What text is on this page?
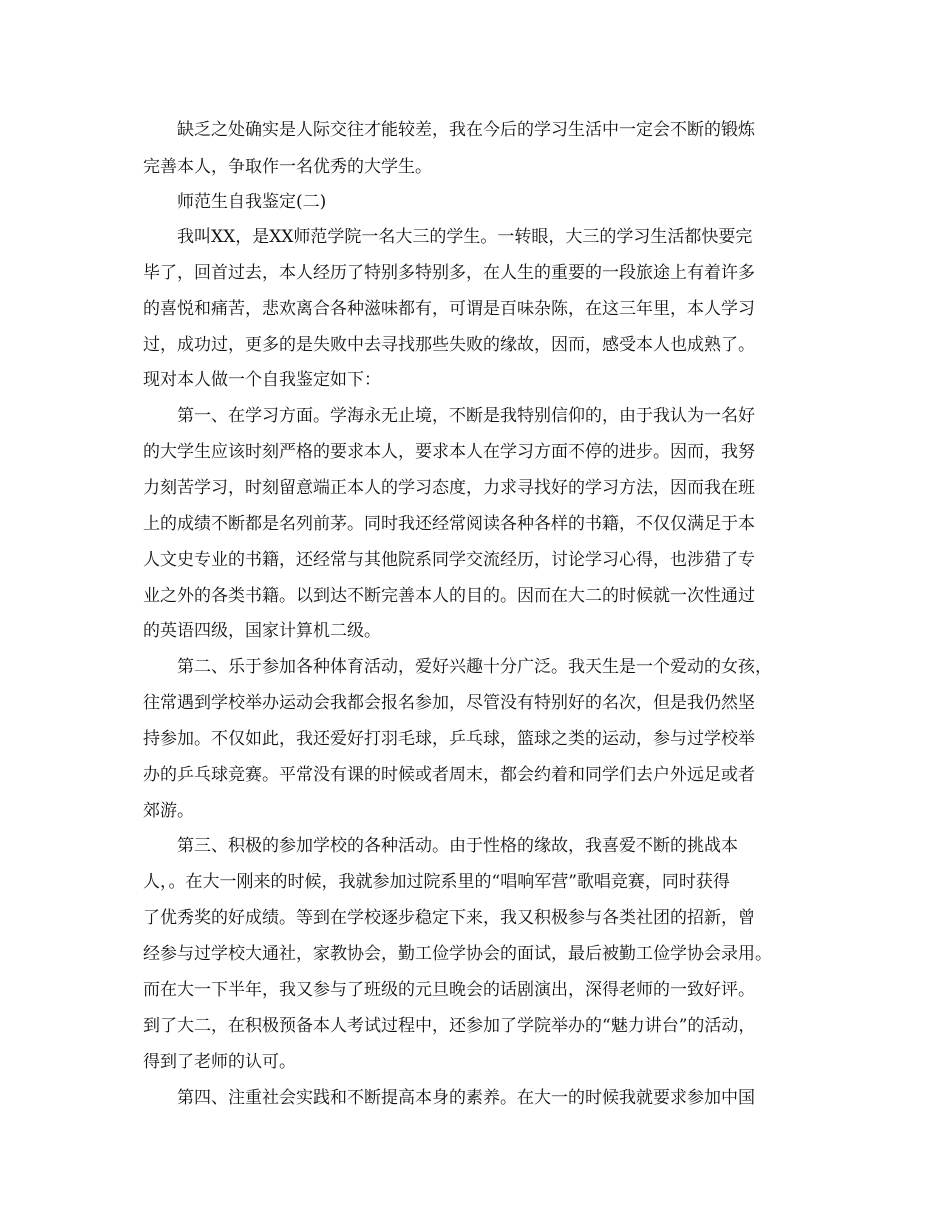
缺乏之处确实是人际交往才能较差，我在今后的学习生活中一定会不断的锻炼

完善本人，争取作一名优秀的大学生。

师范生自我鉴定(二)

我叫XX，是XX师范学院一名大三的学生。一转眼，大三的学习生活都快要完

毕了，回首过去，本人经历了特别多特别多，在人生的重要的一段旅途上有着许多

的喜悦和痛苦，悲欢离合各种滋味都有，可谓是百味杂陈，在这三年里，本人学习

过，成功过，更多的是失败中去寻找那些失败的缘故，因而，感受本人也成熟了。

现对本人做一个自我鉴定如下：

第一、在学习方面。学海永无止境，不断是我特别信仰的，由于我认为一名好

的大学生应该时刻严格的要求本人，要求本人在学习方面不停的进步。因而，我努

力刻苦学习，时刻留意端正本人的学习态度，力求寻找好的学习方法，因而我在班

上的成绩不断都是名列前茅。同时我还经常阅读各种各样的书籍，不仅仅满足于本

人文史专业的书籍，还经常与其他院系同学交流经历，讨论学习心得，也涉猎了专

业之外的各类书籍。以到达不断完善本人的目的。因而在大二的时候就一次性通过

的英语四级，国家计算机二级。

第二、乐于参加各种体育活动，爱好兴趣十分广泛。我天生是一个爱动的女孩，

往常遇到学校举办运动会我都会报名参加，尽管没有特别好的名次，但是我仍然坚

持参加。不仅如此，我还爱好打羽毛球，乒乓球，篮球之类的运动，参与过学校举

办的乒乓球竞赛。平常没有课的时候或者周末，都会约着和同学们去户外远足或者

郊游。

第三、积极的参加学校的各种活动。由于性格的缘故，我喜爱不断的挑战本

人，。在大一刚来的时候，我就参加过院系里的“唱响军营”歌唱竞赛，同时获得

了优秀奖的好成绩。等到在学校逐步稳定下来，我又积极参与各类社团的招新，曾

经参与过学校大通社，家教协会，勤工俭学协会的面试，最后被勤工俭学协会录用。

而在大一下半年，我又参与了班级的元旦晚会的话剧演出，深得老师的一致好评。

到了大二，在积极预备本人考试过程中，还参加了学院举办的“魅力讲台”的活动，

得到了老师的认可。

第四、注重社会实践和不断提高本身的素养。在大一的时候我就要求参加中国
